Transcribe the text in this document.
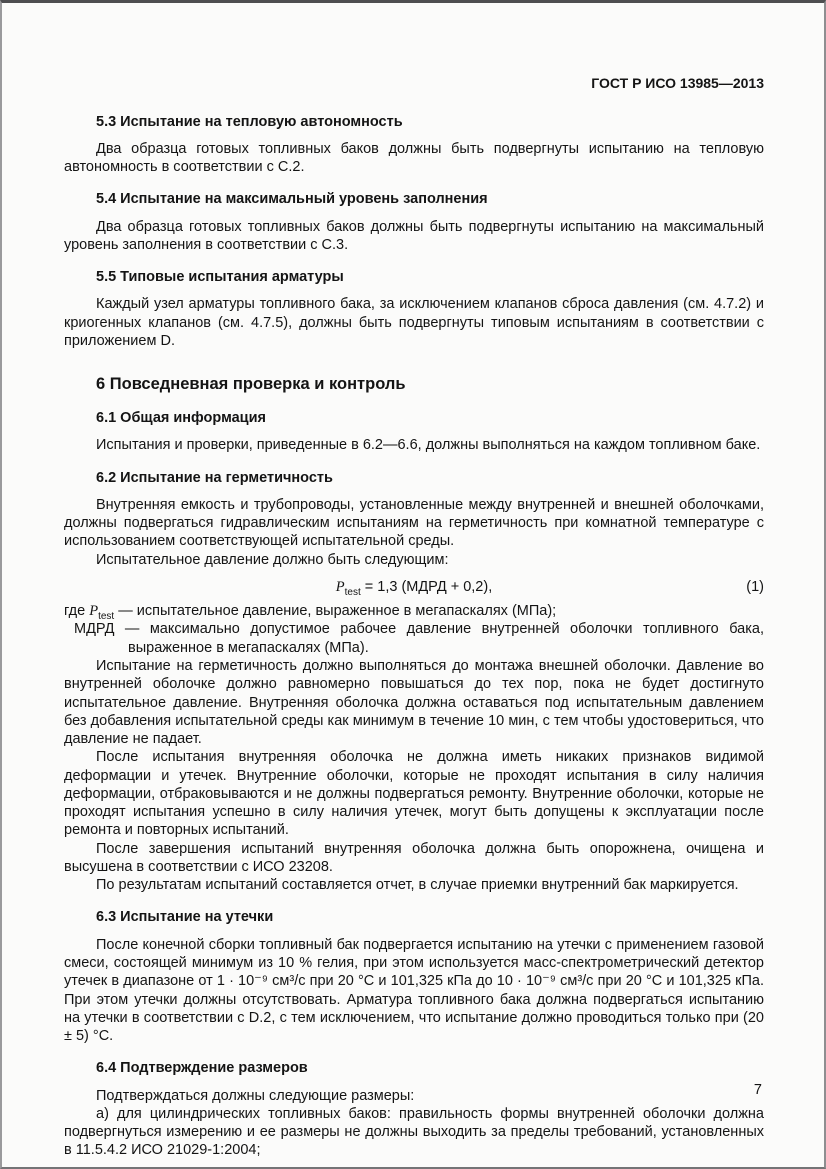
ГОСТ Р ИСО 13985—2013
5.3 Испытание на тепловую автономность

Два образца готовых топливных баков должны быть подвергнуты испытанию на тепловую автономность в соответствии с С.2.

5.4 Испытание на максимальный уровень заполнения

Два образца готовых топливных баков должны быть подвергнуты испытанию на максимальный уровень заполнения в соответствии с С.3.

5.5 Типовые испытания арматуры

Каждый узел арматуры топливного бака, за исключением клапанов сброса давления (см. 4.7.2) и криогенных клапанов (см. 4.7.5), должны быть подвергнуты типовым испытаниям в соответствии с приложением D.

6 Повседневная проверка и контроль
6.1 Общая информация

Испытания и проверки, приведенные в 6.2—6.6, должны выполняться на каждом топливном баке.

6.2 Испытание на герметичность

Внутренняя емкость и трубопроводы, установленные между внутренней и внешней оболочками, должны подвергаться гидравлическим испытаниям на герметичность при комнатной температуре с использованием соответствующей испытательной среды.

Испытательное давление должно быть следующим:

$P_{test} = 1,3$ (МДРД + 0,2),	(1)
где $P_{test}$ — испытательное давление, выраженное в мегапаскалях (МПа);
МДРД — максимально допустимое рабочее давление внутренней оболочки топливного бака, выраженное в мегапаскалях (МПа).

Испытание на герметичность должно выполняться до монтажа внешней оболочки. Давление во внутренней оболочке должно равномерно повышаться до тех пор, пока не будет достигнуто испытательное давление. Внутренняя оболочка должна оставаться под испытательным давлением без добавления испытательной среды как минимум в течение 10 мин, с тем чтобы удостовериться, что давление не падает.

После испытания внутренняя оболочка не должна иметь никаких признаков видимой деформации и утечек. Внутренние оболочки, которые не проходят испытания в силу наличия деформации, отбраковываются и не должны подвергаться ремонту. Внутренние оболочки, которые не проходят испытания успешно в силу наличия утечек, могут быть допущены к эксплуатации после ремонта и повторных испытаний.

После завершения испытаний внутренняя оболочка должна быть опорожнена, очищена и высушена в соответствии с ИСО 23208.

По результатам испытаний составляется отчет, в случае приемки внутренний бак маркируется.

6.3 Испытание на утечки

После конечной сборки топливный бак подвергается испытанию на утечки с применением газовой смеси, состоящей минимум из 10 % гелия, при этом используется масс-спектрометрический детектор утечек в диапазоне от 1 · 10⁻⁹ см³/с при 20 °С и 101,325 кПа до 10 · 10⁻⁹ см³/с при 20 °С и 101,325 кПа. При этом утечки должны отсутствовать. Арматура топливного бака должна подвергаться испытанию на утечки в соответствии с D.2, с тем исключением, что испытание должно проводиться только при (20 ± 5) °С.

6.4 Подтверждение размеров

Подтверждаться должны следующие размеры:

а) для цилиндрических топливных баков: правильность формы внутренней оболочки должна подвергнуться измерению и ее размеры не должны выходить за пределы требований, установленных в 11.5.4.2 ИСО 21029-1:2004;

7
